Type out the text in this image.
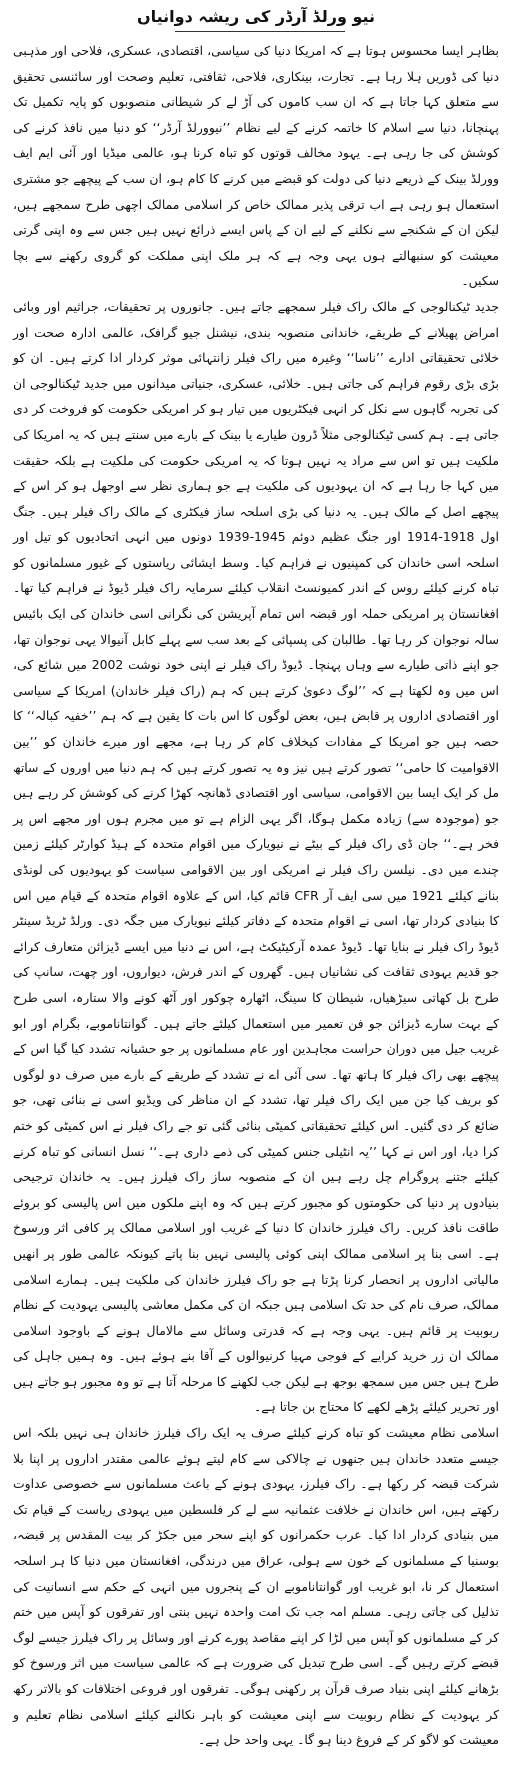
نیو ورلڈ آرڈر کی ریشہ دوانیاں

بظاہر ایسا محسوس ہوتا ہے کہ امریکا دنیا کی سیاسی، اقتصادی، عسکری، فلاحی اور مذہبی دنیا کی ڈوریں ہلا رہا ہے۔ تجارت، بینکاری، فلاحی، ثقافتی، تعلیم وصحت اور سائنسی تحقیق سے متعلق کہا جاتا ہے کہ ان سب کاموں کی آڑ لے کر شیطانی منصوبوں کو پایہ تکمیل تک پہنچانا، دنیا سے اسلام کا خاتمہ کرنے کے لیے نظام ’’نیوورلڈ آرڈر‘‘ کو دنیا میں نافذ کرنے کی کوشش کی جا رہی ہے۔ یہود مخالف قوتوں کو تباہ کرنا ہو، عالمی میڈیا اور آئی ایم ایف وورلڈ بینک کے ذریعے دنیا کی دولت کو قبضے میں کرنے کا کام ہو، ان سب کے پیچھے جو مشتری استعمال ہو رہی ہے اب ترقی پذیر ممالک خاص کر اسلامی ممالک اچھی طرح سمجھے ہیں، لیکن ان کے شکنجے سے نکلنے کے لیے ان کے پاس ایسے ذرائع نہیں ہیں جس سے وہ اپنی گرتی معیشت کو سنبھالتے ہوں یہی وجہ ہے کہ ہر ملک اپنی مملکت کو گروی رکھنے سے بچا سکیں۔

جدید ٹیکنالوجی کے مالک راک فیلر سمجھے جاتے ہیں۔ جانوروں پر تحقیقات، جراثیم اور وبائی امراض پھیلانے کے طریقے، خاندانی منصوبہ بندی، نیشنل جیو گرافک، عالمی ادارہ صحت اور خلائی تحقیقاتی ادارے ’’ناسا‘‘ وغیرہ میں راک فیلر زانتہائی موثر کردار ادا کرتے ہیں۔ ان کو بڑی بڑی رقوم فراہم کی جاتی ہیں۔ خلائی، عسکری، جنیاتی میدانوں میں جدید ٹیکنالوجی ان کی تجربہ گاہوں سے نکل کر انہی فیکٹریوں میں تیار ہو کر امریکی حکومت کو فروخت کر دی جاتی ہے۔ ہم کسی ٹیکنالوجی مثلاً ڈرون طیارے یا بینک کے بارے میں سنتے ہیں کہ یہ امریکا کی ملکیت ہیں تو اس سے مراد یہ نہیں ہوتا کہ یہ امریکی حکومت کی ملکیت ہے بلکہ حقیقت میں کہا جا رہا ہے کہ ان یہودیوں کی ملکیت ہے جو ہماری نظر سے اوجھل ہو کر اس کے پیچھے اصل کے مالک ہیں۔ یہ دنیا کی بڑی اسلحہ ساز فیکٹری کے مالک راک فیلر ہیں۔ جنگ اول 1918-1914 اور جنگ عظیم دوئم 1945-1939 دونوں میں انہی اتحادیوں کو تیل اور اسلحہ اسی خاندان کی کمپنیوں نے فراہم کیا۔ وسط ایشائی ریاستوں کے غیور مسلمانوں کو تباہ کرنے کیلئے روس کے اندر کمیونسٹ انقلاب کیلئے سرمایہ راک فیلر ڈیوڈ نے فراہم کیا تھا۔ افغانستان پر امریکی حملہ اور قبضہ اس تمام آپریشن کی نگرانی اسی خاندان کی ایک بائیس سالہ نوجوان کر رہا تھا۔ طالبان کی پسپائی کے بعد سب سے پہلے کابل آنیوالا یہی نوجوان تھا، جو اپنے ذاتی طیارے سے وہاں پہنچا۔ ڈیوڈ راک فیلر نے اپنی خود نوشت 2002 میں شائع کی، اس میں وہ لکھتا ہے کہ ’’لوگ دعویٰ کرتے ہیں کہ ہم (راک فیلر خاندان) امریکا کے سیاسی اور اقتصادی اداروں پر قابض ہیں، بعض لوگوں کا اس بات کا یقین ہے کہ ہم ’’خفیہ کبالہ‘‘ کا حصہ ہیں جو امریکا کے مفادات کیخلاف کام کر رہا ہے، مجھے اور میرے خاندان کو ’’بین الاقوامیت کا حامی‘‘ تصور کرتے ہیں نیز وہ یہ تصور کرتے ہیں کہ ہم دنیا میں اوروں کے ساتھ مل کر ایک ایسا بین الاقوامی، سیاسی اور اقتصادی ڈھانچہ کھڑا کرنے کی کوشش کر رہے ہیں جو (موجودہ سے) زیادہ مکمل ہوگا، اگر یہی الزام ہے تو میں مجرم ہوں اور مجھے اس پر فخر ہے۔‘‘ جان ڈی راک فیلر کے بیٹے نے نیویارک میں اقوام متحدہ کے ہیڈ کوارٹر کیلئے زمین چندے میں دی۔ نیلسن راک فیلر نے امریکی اور بین الاقوامی سیاست کو یہودیوں کی لونڈی بنانے کیلئے 1921 میں سی ایف آر CFR قائم کیا، اس کے علاوہ اقوام متحدہ کے قیام میں اس کا بنیادی کردار تھا، اسی نے اقوام متحدہ کے دفاتر کیلئے نیویارک میں جگہ دی۔ ورلڈ ٹریڈ سینٹر ڈیوڈ راک فیلر نے بنایا تھا۔ ڈیوڈ عمدہ آرکیٹیکٹ ہے، اس نے دنیا میں ایسے ڈیزائن متعارف کرائے جو قدیم یہودی ثقافت کی نشانیاں ہیں۔ گھروں کے اندر فرش، دیواروں، اور چھت، سانپ کی طرح بل کھاتی سیڑھیاں، شیطان کا سینگ، اٹھارہ چوکور اور آٹھ کونے والا ستارہ، اسی طرح کے بہت سارے ڈیزائن جو فن تعمیر میں استعمال کیلئے جاتے ہیں۔ گوانتاناموبے، بگرام اور ابو غریب جیل میں دوران حراست مجاہدین اور عام مسلمانوں پر جو حشیانہ تشدد کیا گیا اس کے پیچھے بھی راک فیلر کا ہاتھ تھا۔ سی آئی اے نے تشدد کے طریقے کے بارے میں صرف دو لوگوں کو بریف کیا جن میں ایک راک فیلر تھا، تشدد کے ان مناظر کی ویڈیو اسی نے بنائی تھی، جو ضائع کر دی گئیں۔ اس کیلئے تحقیقاتی کمیٹی بنائی گئی تو جے راک فیلر نے اس کمیٹی کو ختم کرا دیا، اور اس نے کہا ’’یہ انٹیلی جنس کمیٹی کی ذمے داری ہے۔‘‘ نسل انسانی کو تباہ کرنے کیلئے جتنے پروگرام چل رہے ہیں ان کے منصوبہ ساز راک فیلرز ہیں۔ یہ خاندان ترجیحی بنیادوں پر دنیا کی حکومتوں کو مجبور کرتے ہیں کہ وہ اپنے ملکوں میں اس پالیسی کو بروئے طاقت نافذ کریں۔ راک فیلرز خاندان کا دنیا کے غریب اور اسلامی ممالک پر کافی اثر ورسوخ ہے۔ اسی بنا پر اسلامی ممالک اپنی کوئی پالیسی نہیں بنا پاتے کیونکہ عالمی طور پر انھیں مالیاتی اداروں پر انحصار کرنا پڑتا ہے جو راک فیلرز خاندان کی ملکیت ہیں۔ ہمارے اسلامی ممالک، صرف نام کی حد تک اسلامی ہیں جبکہ ان کی مکمل معاشی پالیسی یہودیت کے نظام ربوبیت پر قائم ہیں۔ یہی وجہ ہے کہ قدرتی وسائل سے مالامال ہونے کے باوجود اسلامی ممالک ان زر خرید کرایے کے فوجی مہیا کرنیوالوں کے آقا بنے ہوئے ہیں۔ وہ ہمیں جاہل کی طرح ہیں جس میں سمجھ بوجھ ہے لیکن جب لکھنے کا مرحلہ آتا ہے تو وہ مجبور ہو جاتے ہیں اور تحریر کیلئے پڑھے لکھے کا محتاج بن جاتا ہے۔

اسلامی نظام معیشت کو تباہ کرنے کیلئے صرف یہ ایک راک فیلرز خاندان ہی نہیں بلکہ اس جیسے متعدد خاندان ہیں جنھوں نے چالاکی سے کام لیتے ہوئے عالمی مقتدر اداروں پر اپنا بلا شرکت قبضہ کر رکھا ہے۔ راک فیلرز، یہودی ہونے کے باعث مسلمانوں سے خصوصی عداوت رکھتے ہیں، اس خاندان نے خلافت عثمانیہ سے لے کر فلسطین میں یہودی ریاست کے قیام تک میں بنیادی کردار ادا کیا۔ عرب حکمرانوں کو اپنے سحر میں جکڑ کر بیت المقدس پر قبضہ، بوسنیا کے مسلمانوں کے خون سے ہولی، عراق میں درندگی، افغانستان میں دنیا کا ہر اسلحہ استعمال کر نا، ابو غریب اور گوانتاناموبے ان کے پنجروں میں انہی کے حکم سے انسانیت کی تذلیل کی جاتی رہی۔ مسلم امہ جب تک امت واحدہ نہیں بنتی اور تفرقوں کو آپس میں ختم کر کے مسلمانوں کو آپس میں لڑا کر اپنے مقاصد پورے کرنے اور وسائل پر راک فیلرز جیسے لوگ قبضے کرتے رہیں گے۔ اسی طرح تبدیل کی ضرورت ہے کہ عالمی سیاست میں اثر ورسوخ کو بڑھانے کیلئے اپنی بنیاد صرف قرآن پر رکھنی ہوگی۔ تفرقوں اور فروعی اختلافات کو بالاتر رکھ کر یہودیت کے نظام ربوبیت سے اپنی معیشت کو باہر نکالنے کیلئے اسلامی نظام تعلیم و معیشت کو لاگو کر کے فروغ دینا ہو گا۔ یہی واحد حل ہے۔
